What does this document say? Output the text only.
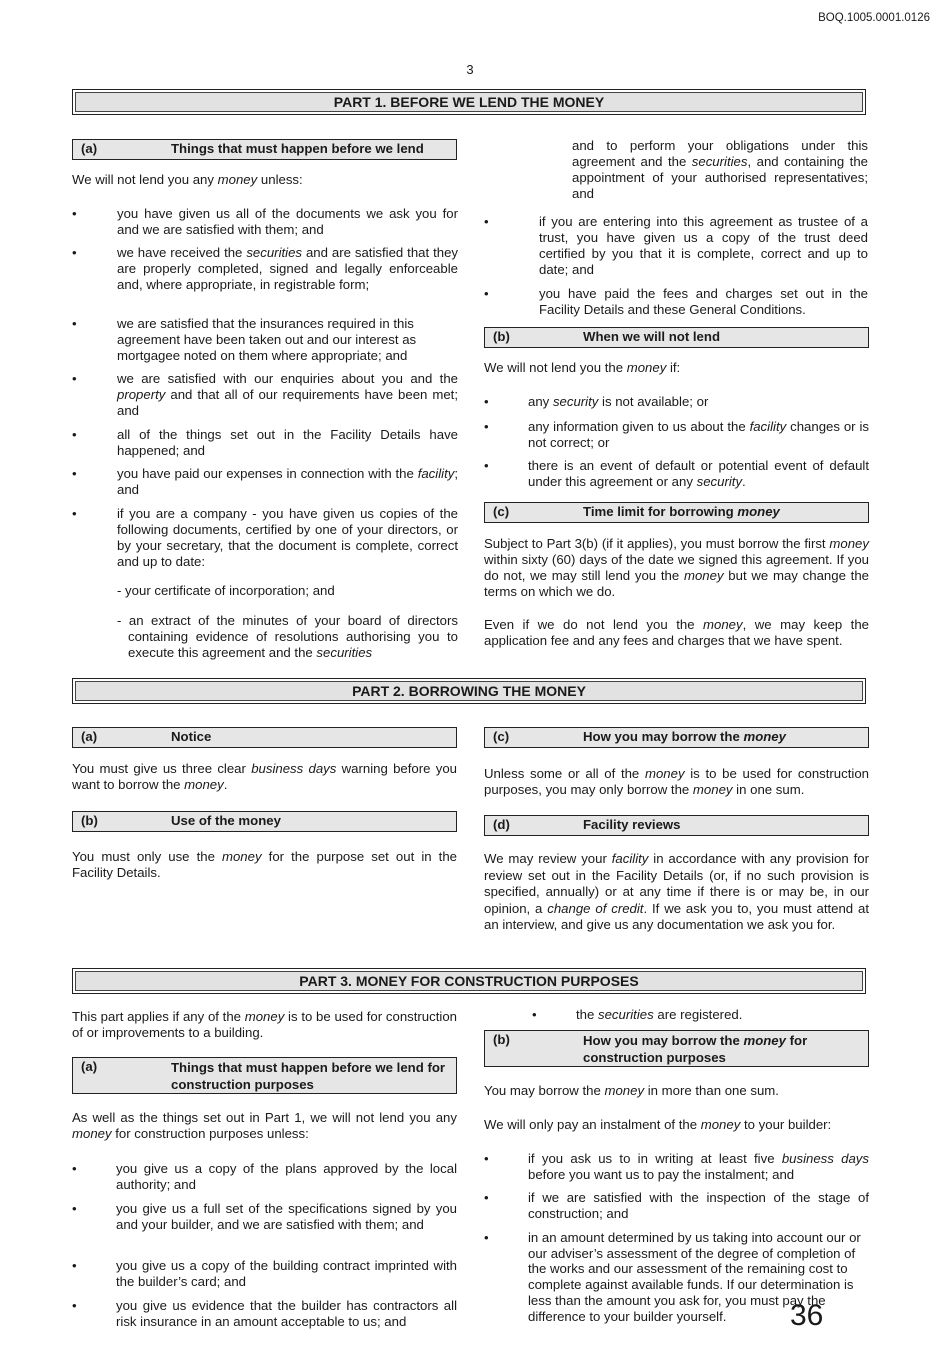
BOQ.1005.0001.0126
3
PART 1. BEFORE WE LEND THE MONEY
(a)	Things that must happen before we lend
We will not lend you any money unless:
•	you have given us all of the documents we ask you for and we are satisfied with them; and
•	we have received the securities and are satisfied that they are properly completed, signed and legally enforceable and, where appropriate, in registrable form;
•	we are satisfied that the insurances required in this agreement have been taken out and our interest as mortgagee noted on them where appropriate; and
•	we are satisfied with our enquiries about you and the property and that all of our requirements have been met; and
•	all of the things set out in the Facility Details have happened; and
•	you have paid our expenses in connection with the facility; and
•	if you are a company - you have given us copies of the following documents, certified by one of your directors, or by your secretary, that the document is complete, correct and up to date:
- your certificate of incorporation; and
- an extract of the minutes of your board of directors containing evidence of resolutions authorising you to execute this agreement and the securities
and to perform your obligations under this agreement and the securities, and containing the appointment of your authorised representatives; and
•	if you are entering into this agreement as trustee of a trust, you have given us a copy of the trust deed certified by you that it is complete, correct and up to date; and
•	you have paid the fees and charges set out in the Facility Details and these General Conditions.
(b)	When we will not lend
We will not lend you the money if:
•	any security is not available; or
•	any information given to us about the facility changes or is not correct; or
•	there is an event of default or potential event of default under this agreement or any security.
(c)	Time limit for borrowing money
Subject to Part 3(b) (if it applies), you must borrow the first money within sixty (60) days of the date we signed this agreement. If you do not, we may still lend you the money but we may change the terms on which we do.
Even if we do not lend you the money, we may keep the application fee and any fees and charges that we have spent.
PART 2. BORROWING THE MONEY
(a)	Notice
You must give us three clear business days warning before you want to borrow the money.
(b)	Use of the money
You must only use the money for the purpose set out in the Facility Details.
(c)	How you may borrow the money
Unless some or all of the money is to be used for construction purposes, you may only borrow the money in one sum.
(d)	Facility reviews
We may review your facility in accordance with any provision for review set out in the Facility Details (or, if no such provision is specified, annually) or at any time if there is or may be, in our opinion, a change of credit. If we ask you to, you must attend at an interview, and give us any documentation we ask you for.
PART 3. MONEY FOR CONSTRUCTION PURPOSES
This part applies if any of the money is to be used for construction of or improvements to a building.
(a)	Things that must happen before we lend for construction purposes
As well as the things set out in Part 1, we will not lend you any money for construction purposes unless:
•	you give us a copy of the plans approved by the local authority; and
•	you give us a full set of the specifications signed by you and your builder, and we are satisfied with them; and
•	you give us a copy of the building contract imprinted with the builder’s card; and
•	you give us evidence that the builder has contractors all risk insurance in an amount acceptable to us; and
•	the securities are registered.
(b)	How you may borrow the money for construction purposes
You may borrow the money in more than one sum.
We will only pay an instalment of the money to your builder:
•	if you ask us to in writing at least five business days before you want us to pay the instalment; and
•	if we are satisfied with the inspection of the stage of construction; and
•	in an amount determined by us taking into account our or our adviser’s assessment of the degree of completion of the works and our assessment of the remaining cost to complete against available funds. If our determination is less than the amount you ask for, you must pay the difference to your builder yourself.	36
